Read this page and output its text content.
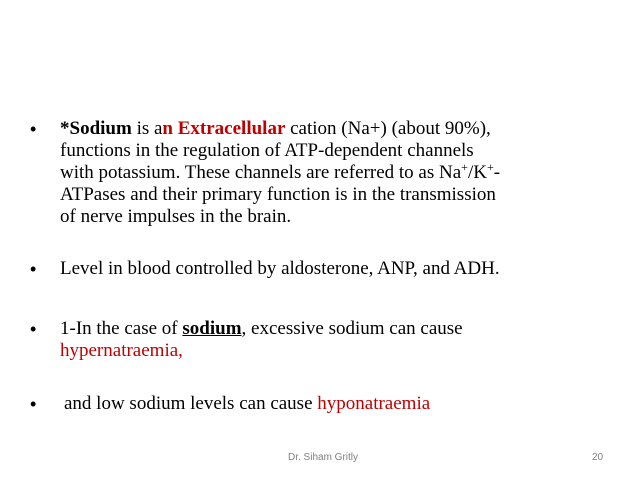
• *Sodium is an Extracellular cation (Na+) (about 90%),
functions in the regulation of ATP-dependent channels
with potassium. These channels are referred to as Na+/K+-
ATPases and their primary function is in the transmission
of nerve impulses in the brain.
• Level in blood controlled by aldosterone, ANP, and ADH.
• 1-In the case of sodium, excessive sodium can cause
hypernatraemia,
• and low sodium levels can cause hyponatraemia
Dr. Siham Gritly	20
